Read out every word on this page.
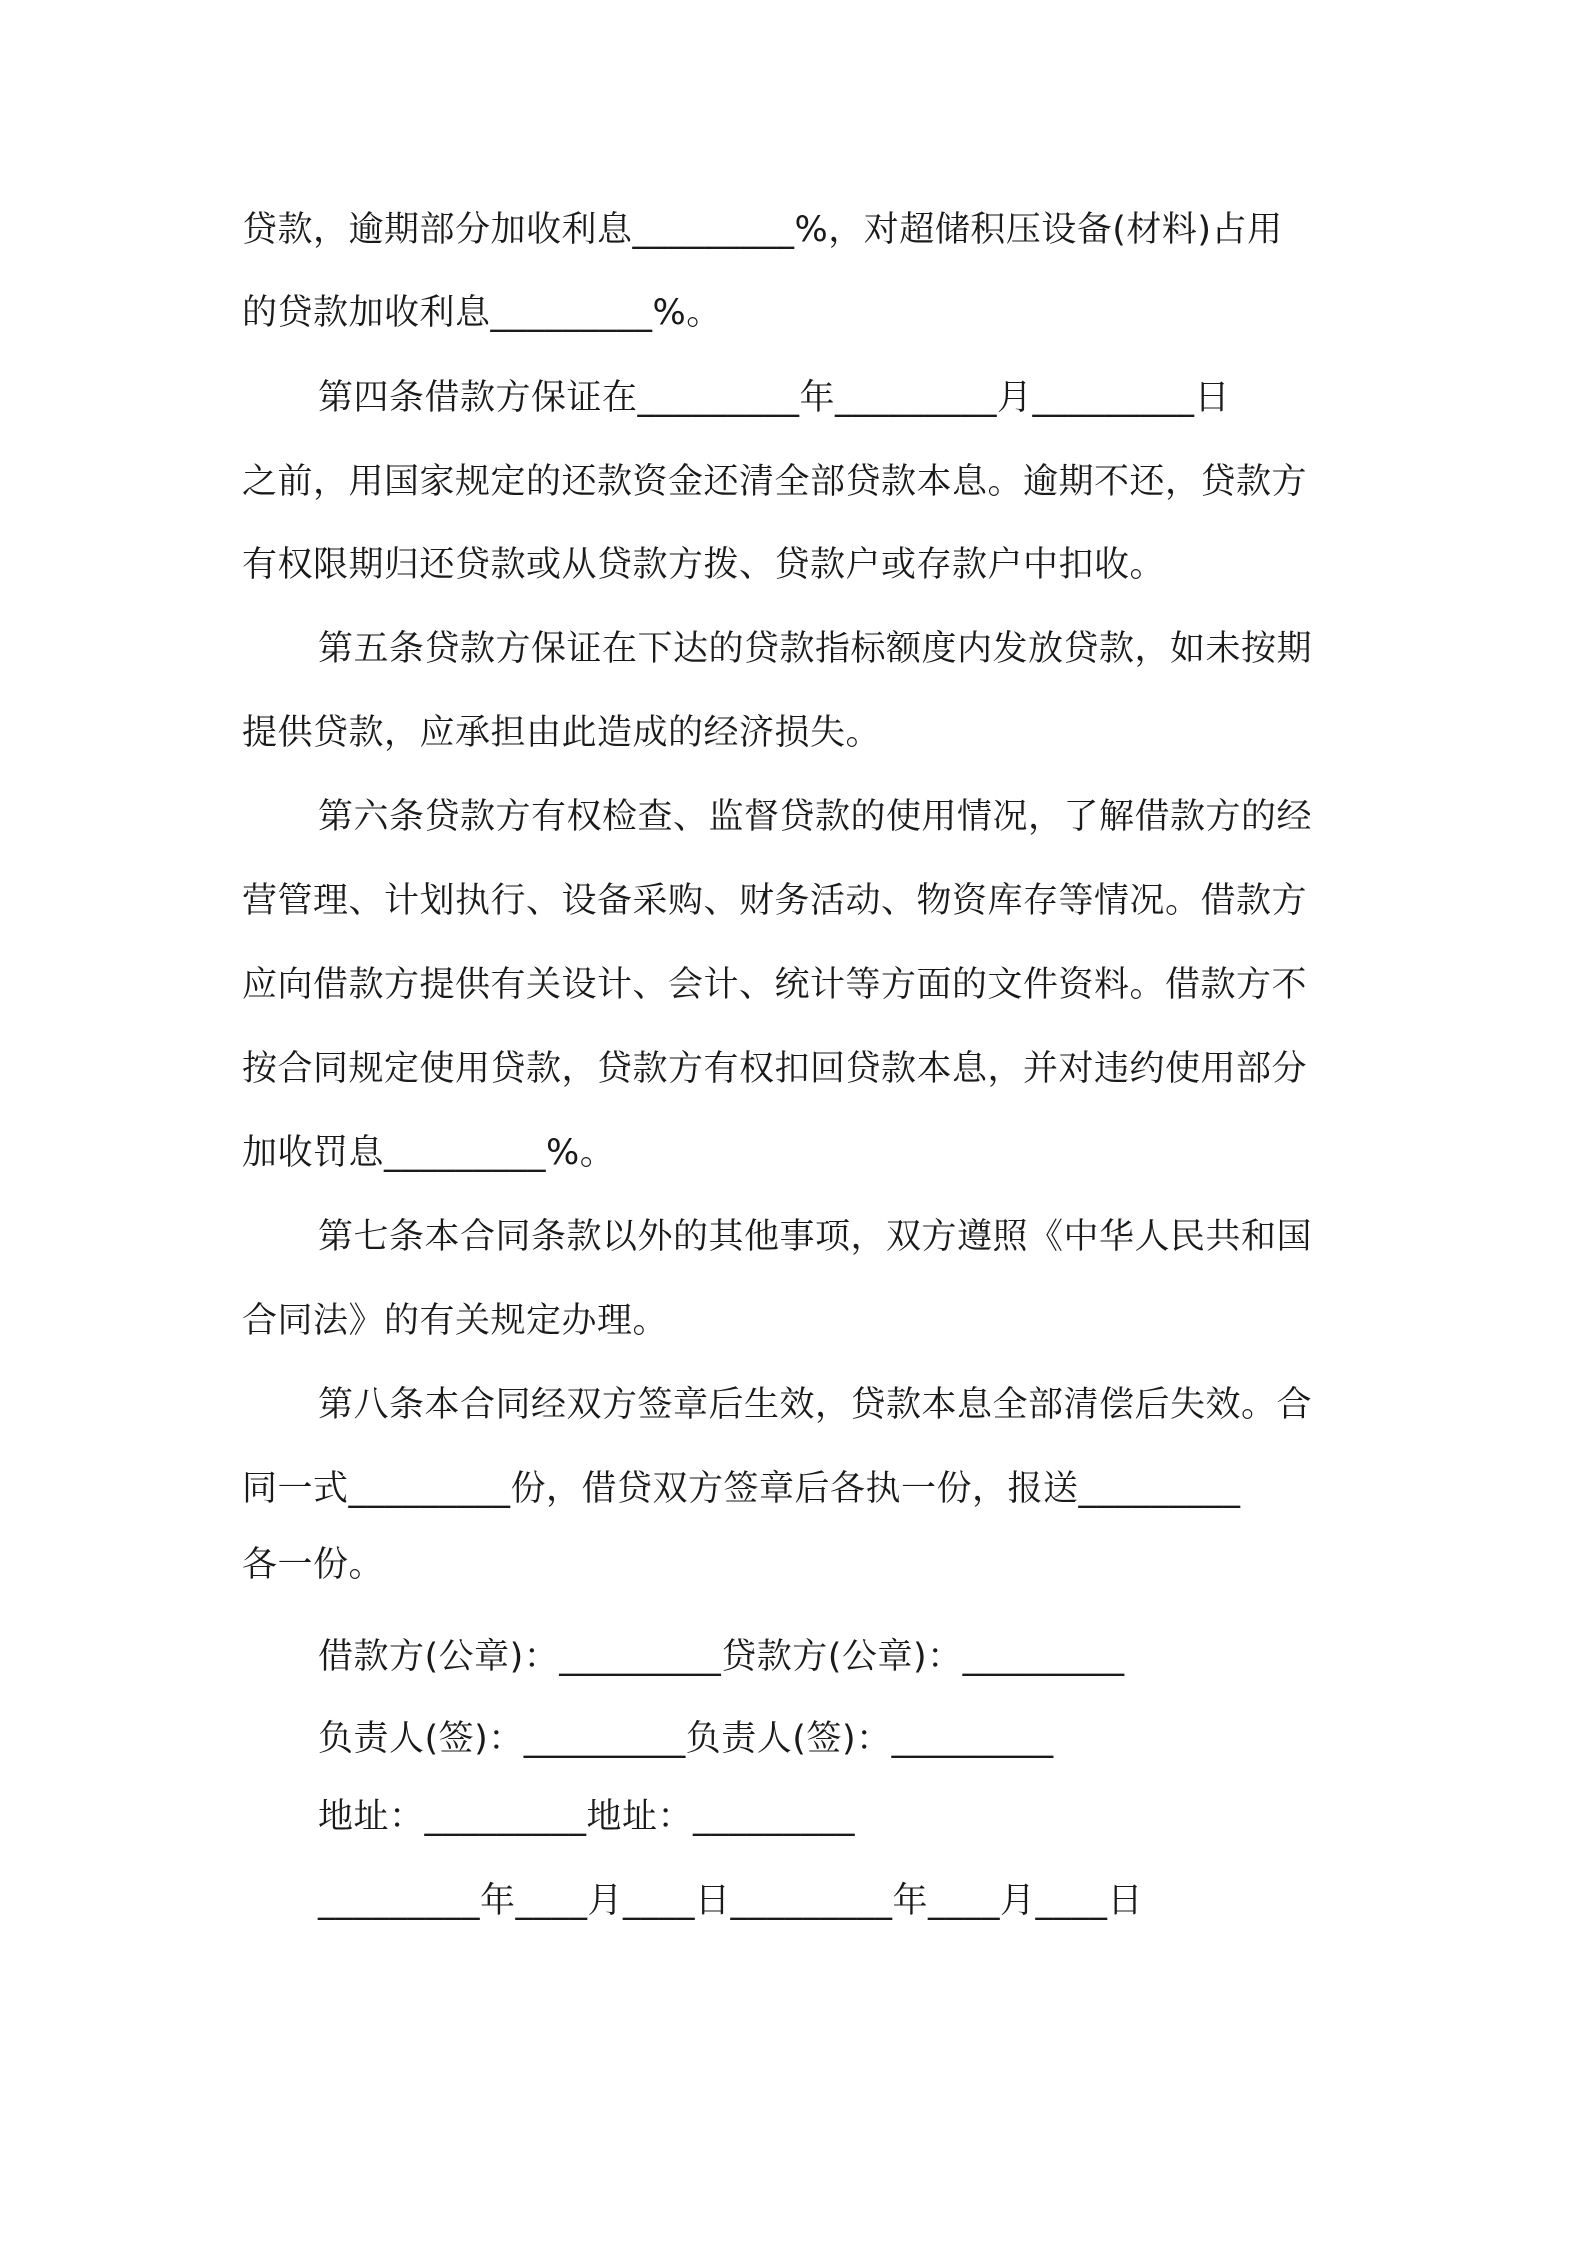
贷款，逾期部分加收利息_________%，对超储积压设备(材料)占用
的贷款加收利息_________%。
第四条借款方保证在_________年_________月_________日
之前，用国家规定的还款资金还清全部贷款本息。逾期不还，贷款方
有权限期归还贷款或从贷款方拨、贷款户或存款户中扣收。
第五条贷款方保证在下达的贷款指标额度内发放贷款，如未按期
提供贷款，应承担由此造成的经济损失。
第六条贷款方有权检查、监督贷款的使用情况，了解借款方的经
营管理、计划执行、设备采购、财务活动、物资库存等情况。借款方
应向借款方提供有关设计、会计、统计等方面的文件资料。借款方不
按合同规定使用贷款，贷款方有权扣回贷款本息，并对违约使用部分
加收罚息_________%。
第七条本合同条款以外的其他事项，双方遵照《中华人民共和国
合同法》的有关规定办理。
第八条本合同经双方签章后生效，贷款本息全部清偿后失效。合
同一式_________份，借贷双方签章后各执一份，报送_________
各一份。
借款方(公章)：_________贷款方(公章)：_________
负责人(签)：_________负责人(签)：_________
地址：_________地址：_________
_________年____月____日_________年____月____日
